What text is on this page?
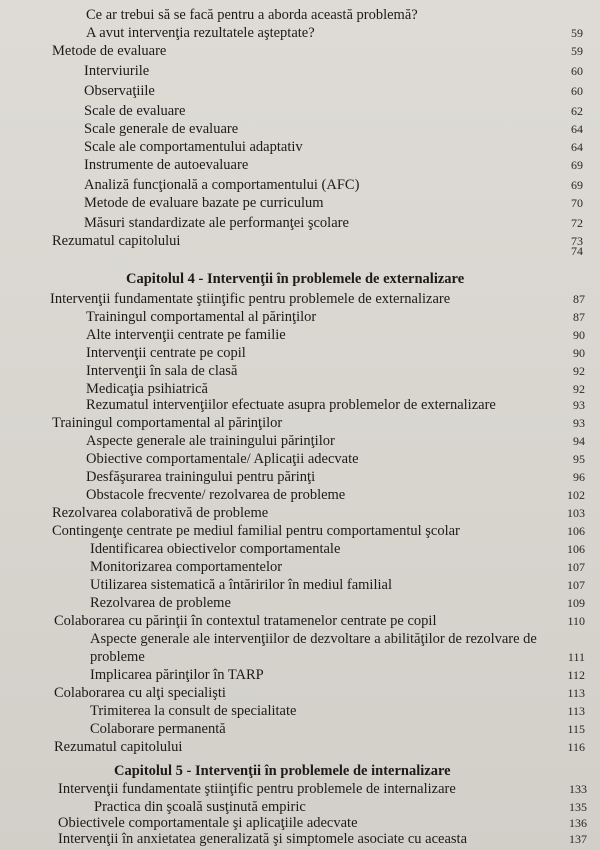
Ce ar trebui să se facă pentru a aborda această problemă?
A avut intervenţia rezultatele aşteptate?	59
Metode de evaluare	59
Interviurile	60
Observaţiile	60
Scale de evaluare	62
Scale generale de evaluare	64
Scale ale comportamentului adaptativ	64
Instrumente de autoevaluare	69
Analiză funcţională a comportamentului (AFC)	69
Metode de evaluare bazate pe curriculum	70
Măsuri standardizate ale performanţei şcolare	72
Rezumatul capitolului	73
74
Capitolul 4 - Intervenţii în problemele de externalizare
Intervenţii fundamentate ştiinţific pentru problemele de externalizare	87
Trainingul comportamental al părinţilor	87
Alte intervenţii centrate pe familie	90
Intervenţii centrate pe copil	90
Intervenţii în sala de clasă	92
Medicaţia psihiatrică	92
Rezumatul intervenţiilor efectuate asupra problemelor de externalizare	93
Trainingul comportamental al părinţilor	93
Aspecte generale ale trainingului părinţilor	94
Obiective comportamentale/ Aplicaţii adecvate	95
Desfăşurarea trainingului pentru părinţi	96
Obstacole frecvente/ rezolvarea de probleme	102
Rezolvarea colaborativă de probleme	103
Contingenţe centrate pe mediul familial pentru comportamentul şcolar	106
Identificarea obiectivelor comportamentale	106
Monitorizarea comportamentelor	107
Utilizarea sistematică a întăririlor în mediul familial	107
Rezolvarea de probleme	109
Colaborarea cu părinţii în contextul tratamenelor centrate pe copil	110
Aspecte generale ale intervenţiilor de dezvoltare a abilităţilor de rezolvare de
probleme	111
Implicarea părinţilor în TARP	112
Colaborarea cu alţi specialişti	113
Trimiterea la consult de specialitate	113
Colaborare permanentă	115
Rezumatul capitolului	116
Capitolul 5 - Intervenţii în problemele de internalizare
Intervenţii fundamentate ştiinţific pentru problemele de internalizare	133
Practica din şcoală susţinută empiric	135
Obiectivele comportamentale şi aplicaţiile adecvate	136
Intervenţii în anxietatea generalizată şi simptomele asociate cu aceasta	137
